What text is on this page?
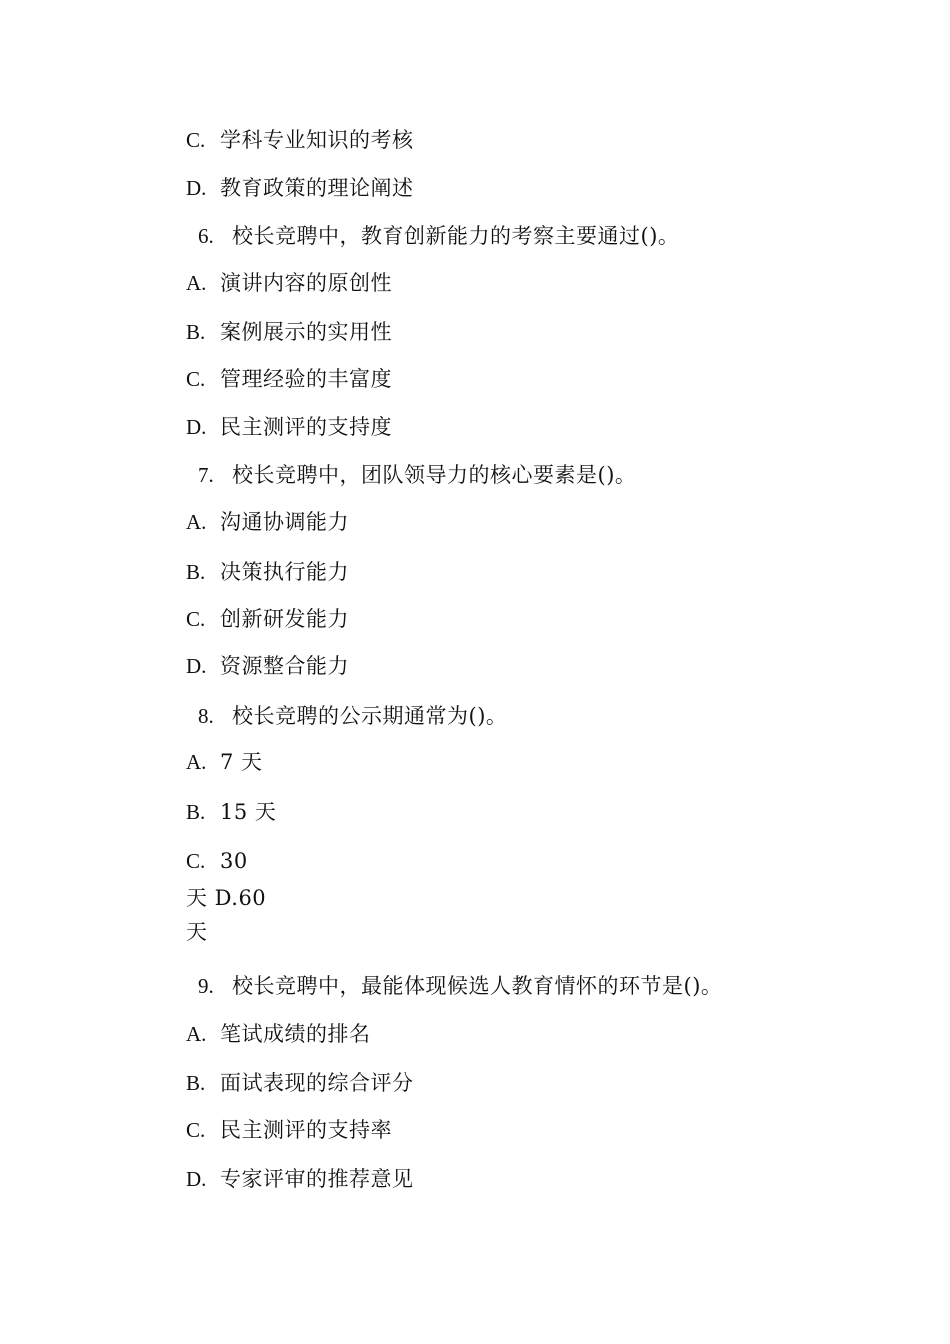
C. 学科专业知识的考核
D. 教育政策的理论阐述
6. 校长竞聘中，教育创新能力的考察主要通过()。
A. 演讲内容的原创性
B. 案例展示的实用性
C. 管理经验的丰富度
D. 民主测评的支持度
7. 校长竞聘中，团队领导力的核心要素是()。
A. 沟通协调能力
B. 决策执行能力
C. 创新研发能力
D. 资源整合能力
8. 校长竞聘的公示期通常为()。
A. 7 天
B. 15 天
C. 30
天 D.60
天
9. 校长竞聘中，最能体现候选人教育情怀的环节是()。
A. 笔试成绩的排名
B. 面试表现的综合评分
C. 民主测评的支持率
D. 专家评审的推荐意见
